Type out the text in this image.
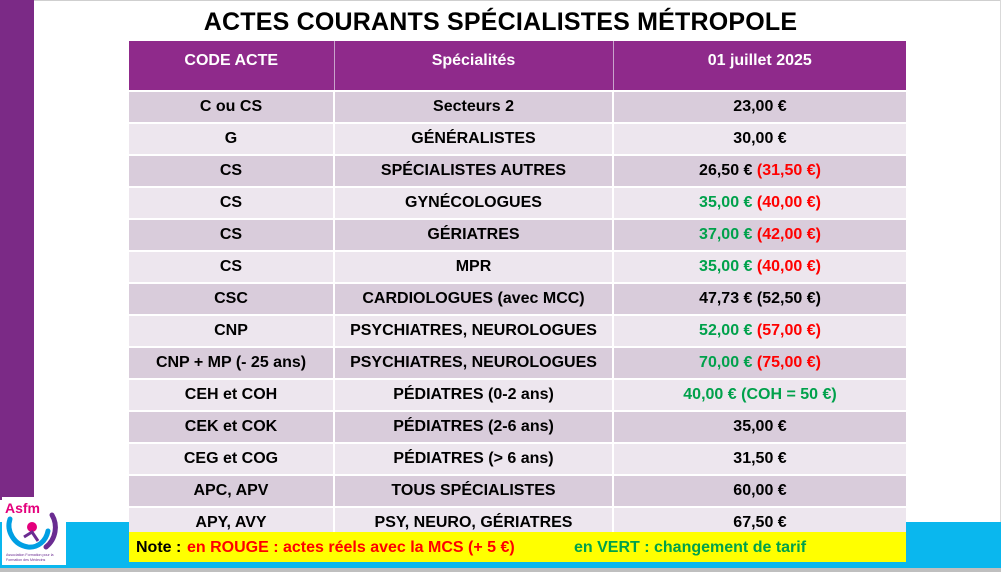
ACTES COURANTS SPÉCIALISTES MÉTROPOLE
CODE ACTE	Spécialités	01 juillet 2025
C ou CS	Secteurs 2	23,00 €
G	GÉNÉRALISTES	30,00 €
CS	SPÉCIALISTES AUTRES	26,50 € (31,50 €)
CS	GYNÉCOLOGUES	35,00 € (40,00 €)
CS	GÉRIATRES	37,00 € (42,00 €)
CS	MPR	35,00 € (40,00 €)
CSC	CARDIOLOGUES (avec MCC)	47,73 € (52,50 €)
CNP	PSYCHIATRES, NEUROLOGUES	52,00 € (57,00 €)
CNP + MP (- 25 ans)	PSYCHIATRES, NEUROLOGUES	70,00 € (75,00 €)
CEH et COH	PÉDIATRES (0-2 ans)	40,00 € (COH = 50 €)
CEK et COK	PÉDIATRES (2-6 ans)	35,00 €
CEG et COG	PÉDIATRES (> 6 ans)	31,50 €
APC, APV	TOUS SPÉCIALISTES	60,00 €
APY, AVY	PSY, NEURO, GÉRIATRES	67,50 €
Note : en ROUGE : actes réels avec la MCS (+ 5 €)	en VERT : changement de tarif
Asfm
Association Formation pour la
Formation des Médecins
